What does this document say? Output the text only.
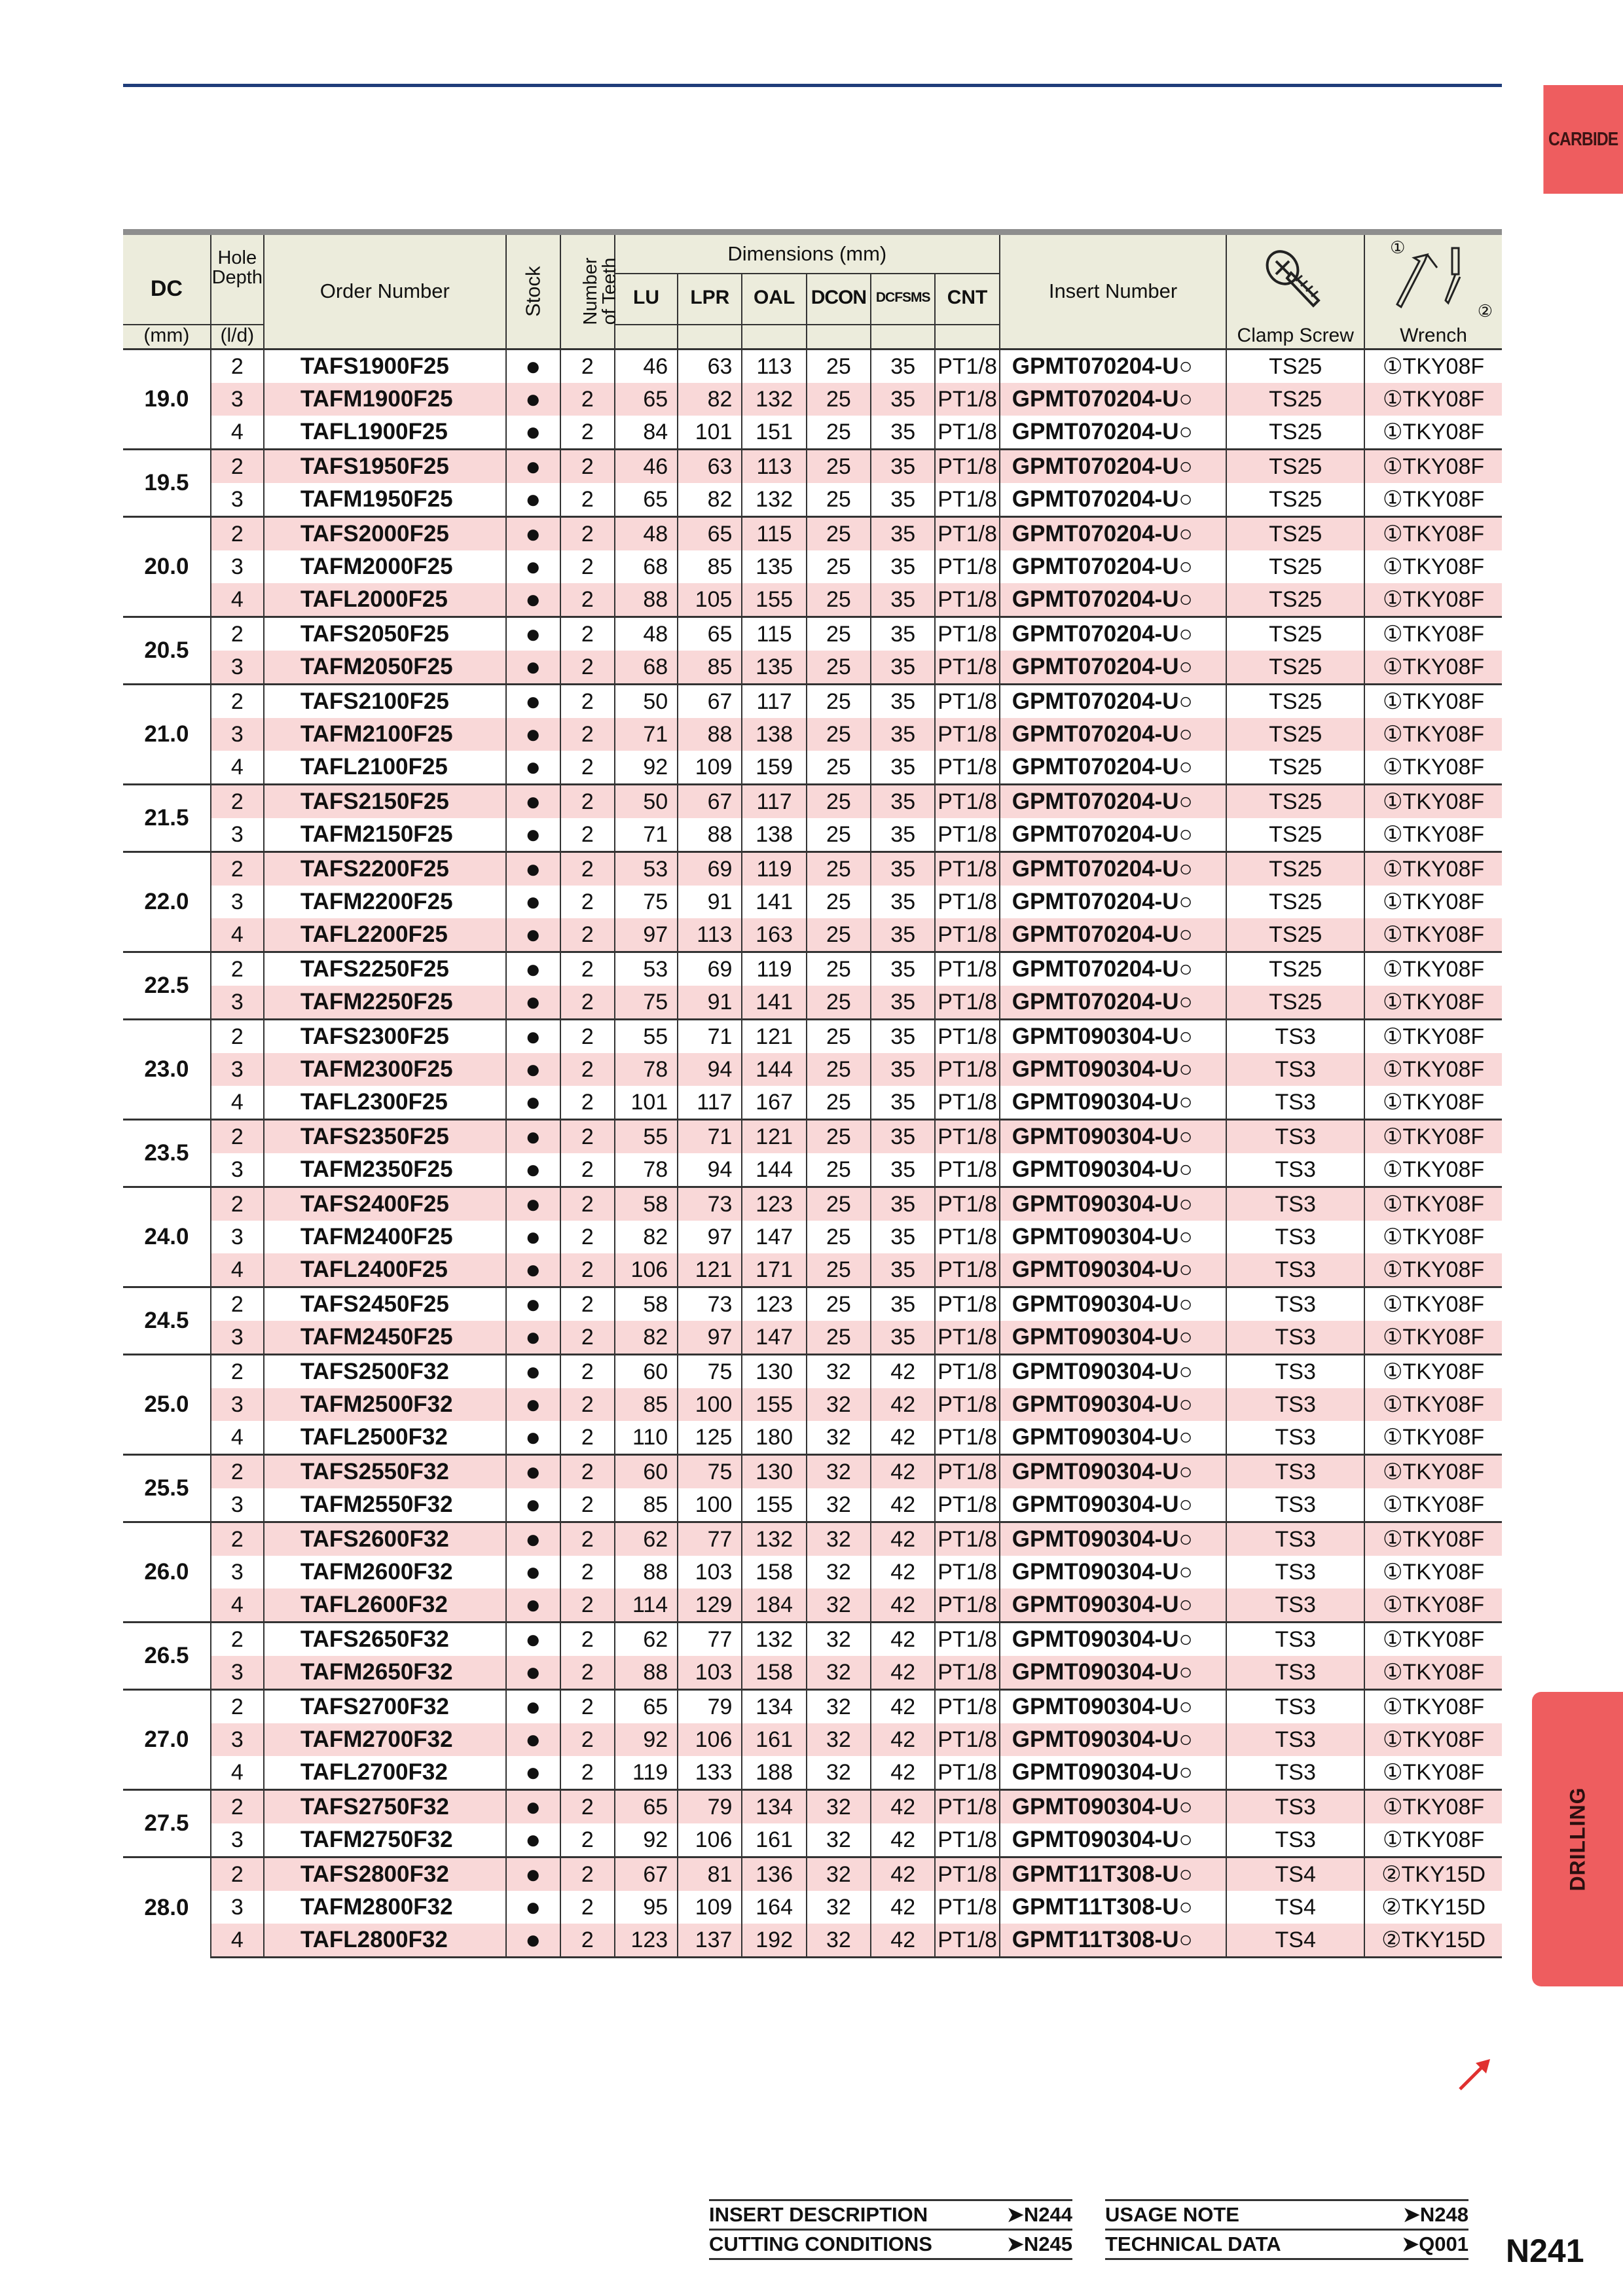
CARBIDE
DRILLING
DC	Hole Depth	Order Number	Stock	Number of Teeth	Dimensions (mm)						Insert Number		①
②

					LU	LPR	OAL	DCON	DCFSMS	CNT			
(mm)	(l/d)											Clamp Screw	Wrench
19.0	2	TAFS1900F25	●	2	46	63	113	25	35	PT1/8	GPMT070204-U○	TS25	①TKY08F
	3	TAFM1900F25	●	2	65	82	132	25	35	PT1/8	GPMT070204-U○	TS25	①TKY08F
	4	TAFL1900F25	●	2	84	101	151	25	35	PT1/8	GPMT070204-U○	TS25	①TKY08F
19.5	2	TAFS1950F25	●	2	46	63	113	25	35	PT1/8	GPMT070204-U○	TS25	①TKY08F
	3	TAFM1950F25	●	2	65	82	132	25	35	PT1/8	GPMT070204-U○	TS25	①TKY08F
20.0	2	TAFS2000F25	●	2	48	65	115	25	35	PT1/8	GPMT070204-U○	TS25	①TKY08F
	3	TAFM2000F25	●	2	68	85	135	25	35	PT1/8	GPMT070204-U○	TS25	①TKY08F
	4	TAFL2000F25	●	2	88	105	155	25	35	PT1/8	GPMT070204-U○	TS25	①TKY08F
20.5	2	TAFS2050F25	●	2	48	65	115	25	35	PT1/8	GPMT070204-U○	TS25	①TKY08F
	3	TAFM2050F25	●	2	68	85	135	25	35	PT1/8	GPMT070204-U○	TS25	①TKY08F
21.0	2	TAFS2100F25	●	2	50	67	117	25	35	PT1/8	GPMT070204-U○	TS25	①TKY08F
	3	TAFM2100F25	●	2	71	88	138	25	35	PT1/8	GPMT070204-U○	TS25	①TKY08F
	4	TAFL2100F25	●	2	92	109	159	25	35	PT1/8	GPMT070204-U○	TS25	①TKY08F
21.5	2	TAFS2150F25	●	2	50	67	117	25	35	PT1/8	GPMT070204-U○	TS25	①TKY08F
	3	TAFM2150F25	●	2	71	88	138	25	35	PT1/8	GPMT070204-U○	TS25	①TKY08F
22.0	2	TAFS2200F25	●	2	53	69	119	25	35	PT1/8	GPMT070204-U○	TS25	①TKY08F
	3	TAFM2200F25	●	2	75	91	141	25	35	PT1/8	GPMT070204-U○	TS25	①TKY08F
	4	TAFL2200F25	●	2	97	113	163	25	35	PT1/8	GPMT070204-U○	TS25	①TKY08F
22.5	2	TAFS2250F25	●	2	53	69	119	25	35	PT1/8	GPMT070204-U○	TS25	①TKY08F
	3	TAFM2250F25	●	2	75	91	141	25	35	PT1/8	GPMT070204-U○	TS25	①TKY08F
23.0	2	TAFS2300F25	●	2	55	71	121	25	35	PT1/8	GPMT090304-U○	TS3	①TKY08F
	3	TAFM2300F25	●	2	78	94	144	25	35	PT1/8	GPMT090304-U○	TS3	①TKY08F
	4	TAFL2300F25	●	2	101	117	167	25	35	PT1/8	GPMT090304-U○	TS3	①TKY08F
23.5	2	TAFS2350F25	●	2	55	71	121	25	35	PT1/8	GPMT090304-U○	TS3	①TKY08F
	3	TAFM2350F25	●	2	78	94	144	25	35	PT1/8	GPMT090304-U○	TS3	①TKY08F
24.0	2	TAFS2400F25	●	2	58	73	123	25	35	PT1/8	GPMT090304-U○	TS3	①TKY08F
	3	TAFM2400F25	●	2	82	97	147	25	35	PT1/8	GPMT090304-U○	TS3	①TKY08F
	4	TAFL2400F25	●	2	106	121	171	25	35	PT1/8	GPMT090304-U○	TS3	①TKY08F
24.5	2	TAFS2450F25	●	2	58	73	123	25	35	PT1/8	GPMT090304-U○	TS3	①TKY08F
	3	TAFM2450F25	●	2	82	97	147	25	35	PT1/8	GPMT090304-U○	TS3	①TKY08F
25.0	2	TAFS2500F32	●	2	60	75	130	32	42	PT1/8	GPMT090304-U○	TS3	①TKY08F
	3	TAFM2500F32	●	2	85	100	155	32	42	PT1/8	GPMT090304-U○	TS3	①TKY08F
	4	TAFL2500F32	●	2	110	125	180	32	42	PT1/8	GPMT090304-U○	TS3	①TKY08F
25.5	2	TAFS2550F32	●	2	60	75	130	32	42	PT1/8	GPMT090304-U○	TS3	①TKY08F
	3	TAFM2550F32	●	2	85	100	155	32	42	PT1/8	GPMT090304-U○	TS3	①TKY08F
26.0	2	TAFS2600F32	●	2	62	77	132	32	42	PT1/8	GPMT090304-U○	TS3	①TKY08F
	3	TAFM2600F32	●	2	88	103	158	32	42	PT1/8	GPMT090304-U○	TS3	①TKY08F
	4	TAFL2600F32	●	2	114	129	184	32	42	PT1/8	GPMT090304-U○	TS3	①TKY08F
26.5	2	TAFS2650F32	●	2	62	77	132	32	42	PT1/8	GPMT090304-U○	TS3	①TKY08F
	3	TAFM2650F32	●	2	88	103	158	32	42	PT1/8	GPMT090304-U○	TS3	①TKY08F
27.0	2	TAFS2700F32	●	2	65	79	134	32	42	PT1/8	GPMT090304-U○	TS3	①TKY08F
	3	TAFM2700F32	●	2	92	106	161	32	42	PT1/8	GPMT090304-U○	TS3	①TKY08F
	4	TAFL2700F32	●	2	119	133	188	32	42	PT1/8	GPMT090304-U○	TS3	①TKY08F
27.5	2	TAFS2750F32	●	2	65	79	134	32	42	PT1/8	GPMT090304-U○	TS3	①TKY08F
	3	TAFM2750F32	●	2	92	106	161	32	42	PT1/8	GPMT090304-U○	TS3	①TKY08F
28.0	2	TAFS2800F32	●	2	67	81	136	32	42	PT1/8	GPMT11T308-U○	TS4	②TKY15D
	3	TAFM2800F32	●	2	95	109	164	32	42	PT1/8	GPMT11T308-U○	TS4	②TKY15D
	4	TAFL2800F32	●	2	123	137	192	32	42	PT1/8	GPMT11T308-U○	TS4	②TKY15D
INSERT DESCRIPTION	➤N244
CUTTING CONDITIONS	➤N245
USAGE NOTE	➤N248
TECHNICAL DATA	➤Q001 N241
